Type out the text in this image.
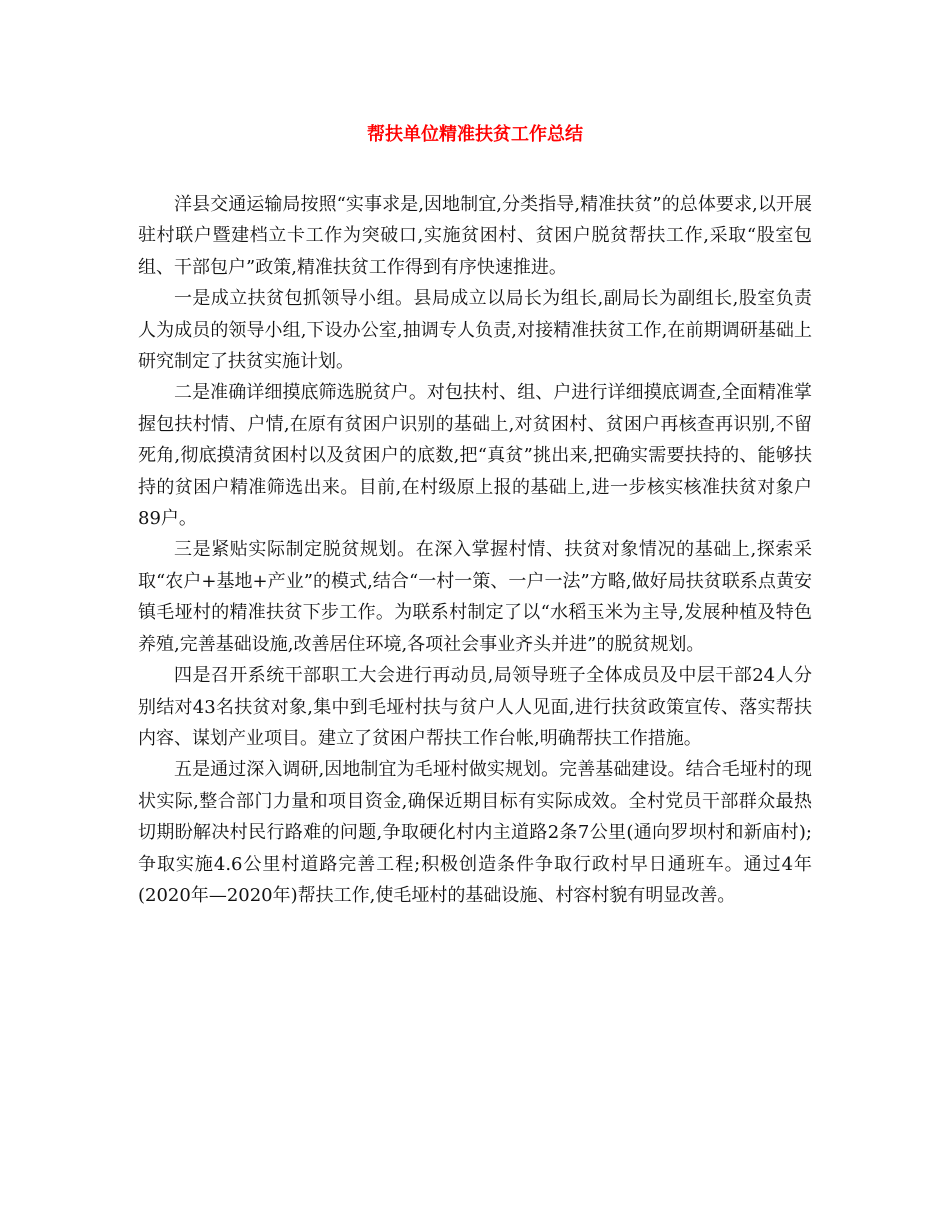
帮扶单位精准扶贫工作总结

洋县交通运输局按照“实事求是,因地制宜,分类指导,精准扶贫”的总体要求,以开展驻村联户暨建档立卡工作为突破口,实施贫困村、贫困户脱贫帮扶工作,采取“股室包组、干部包户”政策,精准扶贫工作得到有序快速推进。

一是成立扶贫包抓领导小组。县局成立以局长为组长,副局长为副组长,股室负责人为成员的领导小组,下设办公室,抽调专人负责,对接精准扶贫工作,在前期调研基础上研究制定了扶贫实施计划。

二是准确详细摸底筛选脱贫户。对包扶村、组、户进行详细摸底调查,全面精准掌握包扶村情、户情,在原有贫困户识别的基础上,对贫困村、贫困户再核查再识别,不留死角,彻底摸清贫困村以及贫困户的底数,把“真贫”挑出来,把确实需要扶持的、能够扶持的贫困户精准筛选出来。目前,在村级原上报的基础上,进一步核实核准扶贫对象户89户。

三是紧贴实际制定脱贫规划。在深入掌握村情、扶贫对象情况的基础上,探索采取“农户+基地+产业”的模式,结合“一村一策、一户一法”方略,做好局扶贫联系点黄安镇毛垭村的精准扶贫下步工作。为联系村制定了以“水稻玉米为主导,发展种植及特色养殖,完善基础设施,改善居住环境,各项社会事业齐头并进”的脱贫规划。

四是召开系统干部职工大会进行再动员,局领导班子全体成员及中层干部24人分别结对43名扶贫对象,集中到毛垭村扶与贫户人人见面,进行扶贫政策宣传、落实帮扶内容、谋划产业项目。建立了贫困户帮扶工作台帐,明确帮扶工作措施。

五是通过深入调研,因地制宜为毛垭村做实规划。完善基础建设。结合毛垭村的现状实际,整合部门力量和项目资金,确保近期目标有实际成效。全村党员干部群众最热切期盼解决村民行路难的问题,争取硬化村内主道路2条7公里(通向罗坝村和新庙村);争取实施4.6公里村道路完善工程;积极创造条件争取行政村早日通班车。通过4年(2020年—2020年)帮扶工作,使毛垭村的基础设施、村容村貌有明显改善。
